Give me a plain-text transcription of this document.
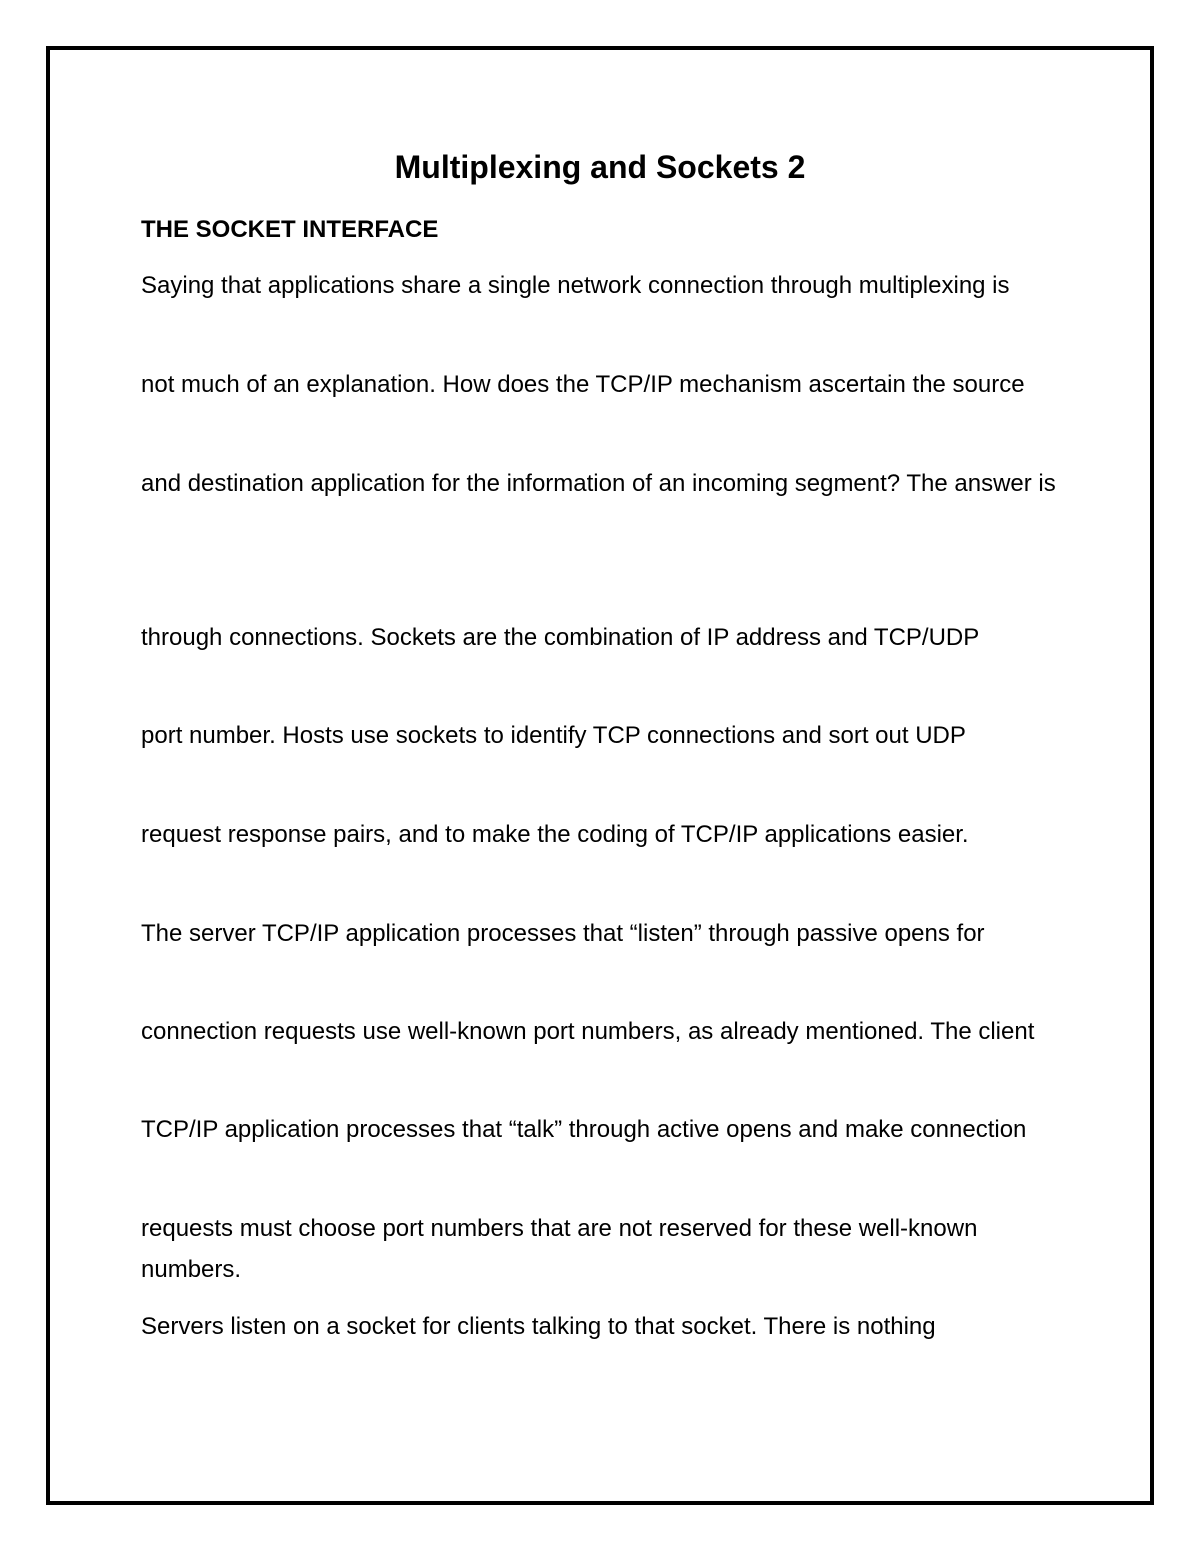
Multiplexing and Sockets 2
THE SOCKET INTERFACE

Saying that applications share a single network connection through multiplexing is

not much of an explanation. How does the TCP/IP mechanism ascertain the source

and destination application for the information of an incoming segment? The answer is

through connections. Sockets are the combination of IP address and TCP/UDP

port number. Hosts use sockets to identify TCP connections and sort out UDP

request response pairs, and to make the coding of TCP/IP applications easier.

The server TCP/IP application processes that “listen” through passive opens for

connection requests use well-known port numbers, as already mentioned. The client

TCP/IP application processes that “talk” through active opens and make connection

requests must choose port numbers that are not reserved for these well-known numbers.

Servers listen on a socket for clients talking to that socket. There is nothing
